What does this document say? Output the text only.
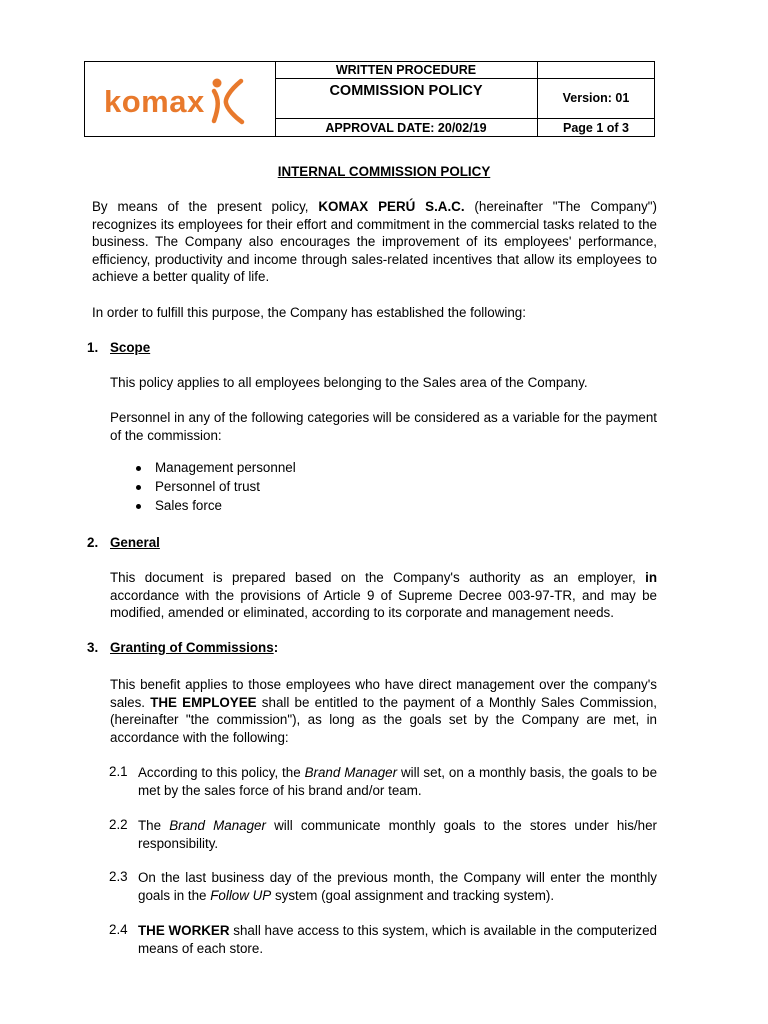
komax
WRITTEN PROCEDURE
COMMISSION POLICY
APPROVAL DATE: 20/02/19
Version: 01
Page 1 of 3
INTERNAL COMMISSION POLICY
By means of the present policy, KOMAX PERÚ S.A.C. (hereinafter "The Company") recognizes its employees for their effort and commitment in the commercial tasks related to the business. The Company also encourages the improvement of its employees' performance, efficiency, productivity and income through sales-related incentives that allow its employees to achieve a better quality of life.
In order to fulfill this purpose, the Company has established the following:
1. Scope
This policy applies to all employees belonging to the Sales area of the Company.
Personnel in any of the following categories will be considered as a variable for the payment of the commission:
Management personnel
Personnel of trust
Sales force
2. General
This document is prepared based on the Company's authority as an employer, in accordance with the provisions of Article 9 of Supreme Decree 003-97-TR, and may be modified, amended or eliminated, according to its corporate and management needs.
3. Granting of Commissions:
This benefit applies to those employees who have direct management over the company's sales. THE EMPLOYEE shall be entitled to the payment of a Monthly Sales Commission, (hereinafter "the commission"), as long as the goals set by the Company are met, in accordance with the following:
2.1 According to this policy, the Brand Manager will set, on a monthly basis, the goals to be met by the sales force of his brand and/or team.
2.2 The Brand Manager will communicate monthly goals to the stores under his/her responsibility.
2.3 On the last business day of the previous month, the Company will enter the monthly goals in the Follow UP system (goal assignment and tracking system).
2.4 THE WORKER shall have access to this system, which is available in the computerized means of each store.
